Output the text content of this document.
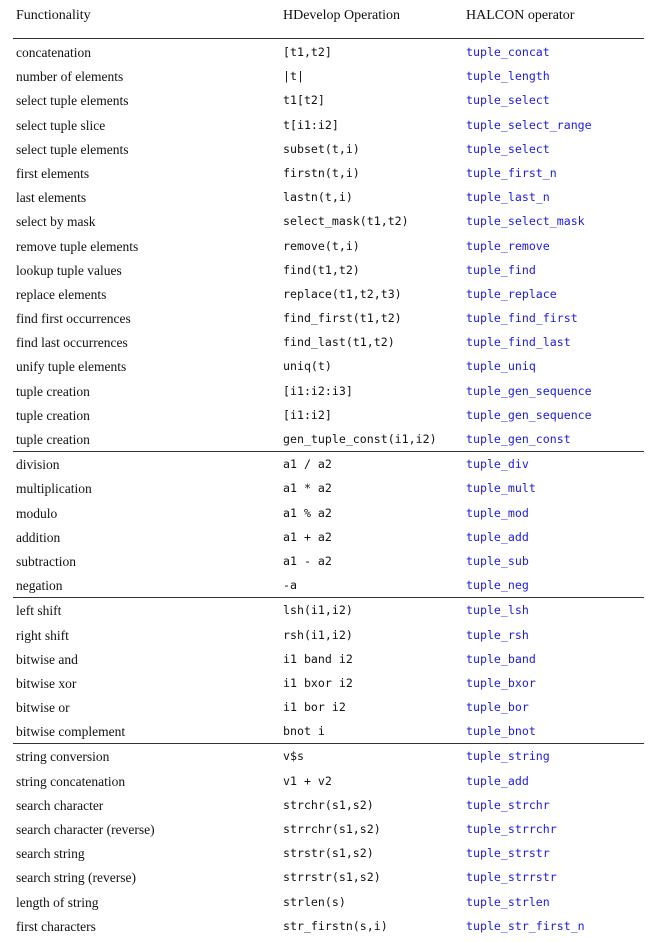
Functionality	HDevelop Operation	HALCON operator
concatenation	[t1,t2]	tuple_concat
number of elements	|t|	tuple_length
select tuple elements	t1[t2]	tuple_select
select tuple slice	t[i1:i2]	tuple_select_range
select tuple elements	subset(t,i)	tuple_select
first elements	firstn(t,i)	tuple_first_n
last elements	lastn(t,i)	tuple_last_n
select by mask	select_mask(t1,t2)	tuple_select_mask
remove tuple elements	remove(t,i)	tuple_remove
lookup tuple values	find(t1,t2)	tuple_find
replace elements	replace(t1,t2,t3)	tuple_replace
find first occurrences	find_first(t1,t2)	tuple_find_first
find last occurrences	find_last(t1,t2)	tuple_find_last
unify tuple elements	uniq(t)	tuple_uniq
tuple creation	[i1:i2:i3]	tuple_gen_sequence
tuple creation	[i1:i2]	tuple_gen_sequence
tuple creation	gen_tuple_const(i1,i2)	tuple_gen_const
division	a1 / a2	tuple_div
multiplication	a1 * a2	tuple_mult
modulo	a1 % a2	tuple_mod
addition	a1 + a2	tuple_add
subtraction	a1 - a2	tuple_sub
negation	-a	tuple_neg
left shift	lsh(i1,i2)	tuple_lsh
right shift	rsh(i1,i2)	tuple_rsh
bitwise and	i1 band i2	tuple_band
bitwise xor	i1 bxor i2	tuple_bxor
bitwise or	i1 bor i2	tuple_bor
bitwise complement	bnot i	tuple_bnot
string conversion	v$s	tuple_string
string concatenation	v1 + v2	tuple_add
search character	strchr(s1,s2)	tuple_strchr
search character (reverse)	strrchr(s1,s2)	tuple_strrchr
search string	strstr(s1,s2)	tuple_strstr
search string (reverse)	strrstr(s1,s2)	tuple_strrstr
length of string	strlen(s)	tuple_strlen
first characters	str_firstn(s,i)	tuple_str_first_n
